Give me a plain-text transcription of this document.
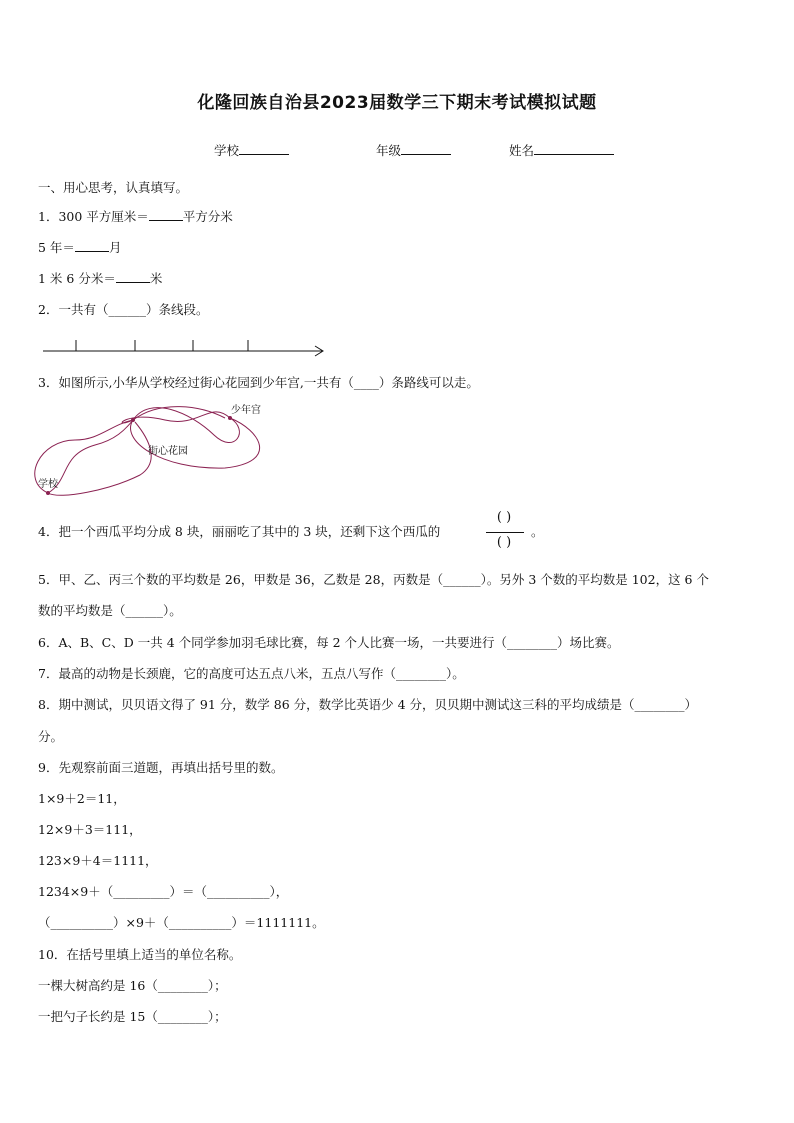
化隆回族自治县2023届数学三下期末考试模拟试题
学校	年级	姓名
一、用心思考，认真填写。
1．300 平方厘米＝	平方分米
5 年＝	月
1 米 6 分米＝	米
2．一共有（______）条线段。
3．如图所示,小华从学校经过街心花园到少年宫,一共有（____）条路线可以走。
少年宫
街心花园
学校
4．把一个西瓜平均分成 8 块，丽丽吃了其中的 3 块，还剩下这个西瓜的
( )
( )
。
5．甲、乙、丙三个数的平均数是 26，甲数是 36，乙数是 28，丙数是（______）。另外 3 个数的平均数是 102，这 6 个
数的平均数是（______）。
6．A、B、C、D 一共 4 个同学参加羽毛球比赛，每 2 个人比赛一场，一共要进行（________）场比赛。
7．最高的动物是长颈鹿，它的高度可达五点八米，五点八写作（________）。
8．期中测试，贝贝语文得了 91 分，数学 86 分，数学比英语少 4 分，贝贝期中测试这三科的平均成绩是（________）
分。
9．先观察前面三道题，再填出括号里的数。
1×9＋2＝11，
12×9＋3＝111，
123×9＋4＝1111，
1234×9＋（_________）＝（__________），
（__________）×9＋（__________）＝1111111。
10．在括号里填上适当的单位名称。
一棵大树高约是 16（________）；
一把勺子长约是 15（________）；
